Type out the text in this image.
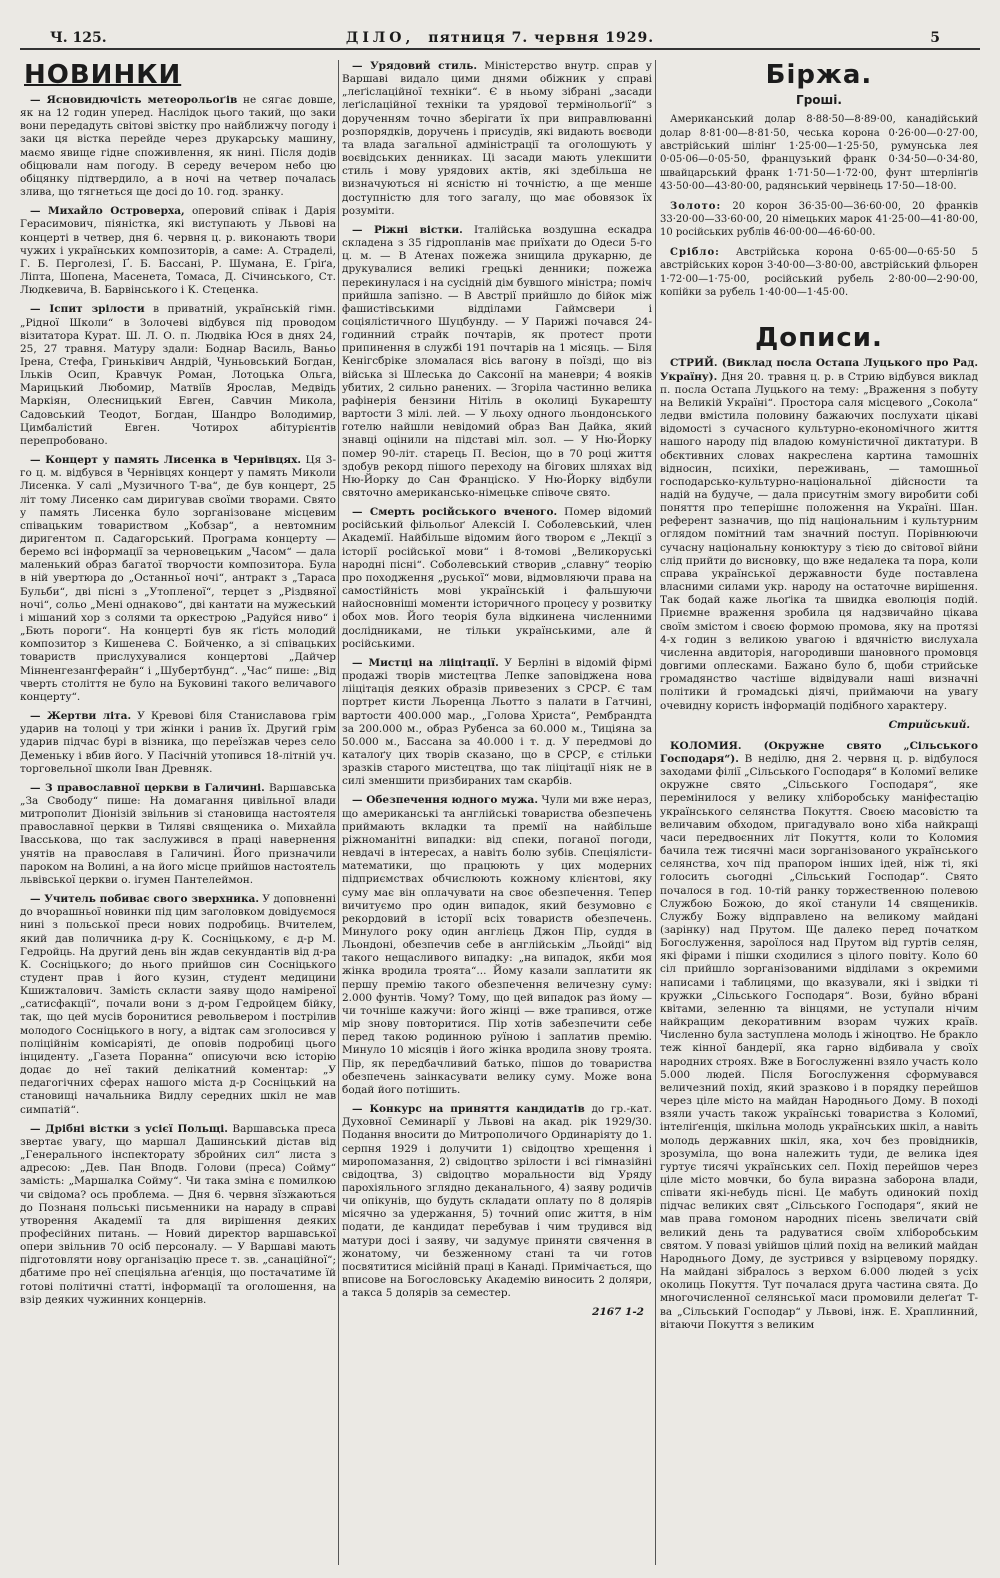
Ч. 125.	ДІЛО, пятниця 7. червня 1929.	5
НОВИНКИ

— Ясновидючість метеорольоґів не сягає довше, як на 12 годин уперед. Наслідок цього такий, що заки вони передадуть світові звістку про найближчу погоду і заки ця вістка перейде через друкарську машину, маємо явище гідне споживлення, як нині. Після додів обіцювали нам погоду. В середу вечером небо цю обіцянку підтвердило, а в ночі на четвер почалась злива, що тягнеться ще досі до 10. год. зранку.

— Михайло Островерха, оперовий співак і Дарія Герасимович, піяністка, які виступають у Львові на концерті в четвер, дня 6. червня ц. р. виконають твори чужих і українських композиторів, а саме: А. Страделі, Г. Б. Перголезі, Ґ. Б. Бассані, Р. Шумана, Е. Ґріґа, Ліпта, Шопена, Масенета, Томаса, Д. Січинського, Ст. Людкевича, В. Барвінського і К. Стеценка.

— Іспит зрілости в приватній, українській гімн. „Рідної Школи“ в Золочеві відбувся під проводом візитатора Курат. Ш. Л. О. п. Людвіка Юся в днях 24, 25, 27 травня. Матуру здали: Боднар Василь, Ваньо Ірена, Стефа, Гриньківич Андрій, Чуньовський Богдан, Ільків Осип, Кравчук Роман, Лотоцька Ольга, Марицький Любомир, Матвіїв Ярослав, Медвідь Маркіян, Олесницький Евген, Савчин Микола, Садовський Теодот, Богдан, Шандро Володимир, Цимбалістий Евген. Чотирох абітурієнтів перепробовано.

— Концерт у память Лисенка в Чернівцях. Ця 3-го ц. м. відбувся в Чернівцях концерт у память Миколи Лисенка. У салі „Музичного Т-ва“, де був концерт, 25 літ тому Лисенко сам диригував своїми творами. Свято у память Лисенка було зорганізоване місцевим співацьким товариством „Кобзар“, а невтомним диригентом п. Садагорський. Програма концерту — беремо всі інформації за черновецьким „Часом“ — дала маленький образ багатої творчости композитора. Була в ній увертюра до „Останньої ночі“, антракт з „Тараса Бульби“, дві пісні з „Утопленої“, терцет з „Різдвяної ночі“, сольо „Мені однаково“, дві кантати на мужеський і мішаний хор з солями та оркестрою „Радуйся ниво“ і „Бють пороги“. На концерті був як ґість молодий композитор з Кишенева С. Бойченко, а зі співацьких товариств прислухувалися концертові „Дайчер Мінненгезангферайн“ і „Шубертбунд“. „Час“ пише: „Від чверть століття не було на Буковині такого величавого концерту“.

— Жертви літа. У Кревові біля Станиславова грім ударив на толоці у три жінки і ранив їх. Другий грім ударив підчас бурі в візника, що переїзжав через село Деменьку і вбив його. У Пасічній утопився 18-літній уч. торговельної школи Іван Древняк.

— З православної церкви в Галичині. Варшавська „За Свободу“ пише: На домагання цивільної влади митрополит Діонізій звільнив зі становища настоятеля православної церкви в Тиляві священика о. Михайла Івасськова, що так заслужився в праці навернення унятів на православя в Галичині. Його призначили пароком на Волині, а на його місце прийшов настоятель львівської церкви о. ігумен Пантелеймон.

— Учитель побиває свого зверхника. У доповненні до вчорашньої новинки під цим заголовком довідуємося нині з польської преси нових подробиць. Вчителем, який дав поличника д-ру К. Сосніцькому, є д-р М. Гедройць. На другий день він ждав секундантів від д-ра К. Сосніцького; до нього прийшов син Сосніцького студент прав і його кузин, студент медицини Кшижталович. Замість скласти заяву щодо наміреної „сатисфакції“, почали вони з д-ром Гедройцем бійку, так, що цей мусів боронитися револьвером і пострілив молодого Сосніцького в ногу, а відтак сам зголосився у поліційнім комісаріяті, де оповів подробиці цього інциденту. „Газета Поранна“ описуючи всю історію додає до неї такий делікатний коментар: „У педагогічних сферах нашого міста д-р Сосніцький на становищі начальника Видлу середних шкіл не мав симпатій“.

— Дрібні вістки з усієї Польщі. Варшавська преса звертає увагу, що маршал Дашинський дістав від „Генерального інспекторату збройних сил“ листа з адресою: „Дев. Пан Вподв. Голови (преса) Сойму“ замість: „Маршалка Сойму“. Чи така зміна є помилкою чи свідома? ось проблема. — Дня 6. червня зїзжаються до Познаня польські письменники на нараду в справі утворення Академії та для вирішення деяких професійних питань. — Новий директор варшавської опери звільнив 70 осіб персоналу. — У Варшаві мають підготовляти нову організацію пресе т. зв. „санаційної“; дбатиме про неї спеціяльна аґенція, що постачатиме їй готові політичні статті, інформації та оголошення, на взір деяких чужинних концернів.

— Урядовий стиль. Міністерство внутр. справ у Варшаві видало цими днями обіжник у справі „леґіслаційної техніки“. Є в ньому зібрані „засади леґіслаційної техніки та урядової термінольоґії“ з дорученням точно зберігати їх при виправлюванні розпорядків, доручень і присудів, які видають воєводи та влада загальної адміністрації та оголошують у воєвідських денниках. Ці засади мають улекшити стиль і мову урядових актів, які здебільша не визначуються ні ясністю ні точністю, а ще менше доступністю для того загалу, що має обовязок їх розуміти.

— Ріжні вістки. Італійська воздушна ескадра складена з 35 гідропланів має приїхати до Одеси 5-го ц. м. — В Атенах пожежа знищила друкарню, де друкувалися великі грецькі денники; пожежа перекинулася і на сусідній дім бувшого міністра; поміч прийшла запізно. — В Австрії прийшло до бійок між фашистівськими відділами Гаймсвери і соціялістичного Шуцбунду. — У Парижі почався 24-годинний страйк почтарів, як протест проти припинення в службі 191 почтарів на 1 місяць. — Біля Кенігсбріке зломалася вісь вагону в поїзді, що віз війська зі Шлеська до Саксонії на маневри; 4 вояків убитих, 2 сильно ранених. — Згоріла частинно велика рафінерія бензини Нітіль в околиці Букарешту вартости 3 мілі. лей. — У льоху одного льондонського готелю найшли невідомий образ Ван Дайка, який знавці оцінили на підставі міл. зол. — У Ню-Йорку помер 90-літ. старець П. Весіон, що в 70 році життя здобув рекорд пішого переходу на бігових шляхах від Ню-Йорку до Сан Франціско. У Ню-Йорку відбули святочно американсько-німецьке співоче свято.

— Смерть російського вченого. Помер відомий російський фільольоґ Алексій І. Соболевський, член Академії. Найбільше відомим його твором є „Лекції з історії російської мови“ і 8-томові „Великоруські народні пісні“. Соболевський створив „славну“ теорію про походження „руської“ мови, відмовляючи права на самостійність мові українській і фальшуючи найосновніші моменти історичного процесу у розвитку обох мов. Його теорія була відкинена численними дослідниками, не тільки українськими, але й російськими.

— Мистці на лііцітації. У Берліні в відомій фірмі продажі творів мистецтва Лепке заповіджена нова лііцітація деяких образів привезених з СРСР. Є там портрет кисти Льоренца Льотто з палати в Гатчині, вартости 400.000 мар., „Голова Христа“, Рембрандта за 200.000 м., образ Рубенса за 60.000 м., Тиціяна за 50.000 м., Бассана за 40.000 і т. д. У передмові до каталоґу цих творів сказано, що в СРСР, є стільки зразків старого мистецтва, що так лііцітації ніяк не в силі зменшити призбираних там скарбів.

— Обезпечення юдного мужа. Чули ми вже нераз, що американські та англійські товариства обезпечень приймають вкладки та премії на найбільше ріжноманітні випадки: від спеки, поганої погоди, невдачі в інтересах, а навіть болю зубів. Спеціялісти-математики, що працюють у цих модерних підприємствах обчислюють кожному клієнтові, яку суму має він оплачувати на своє обезпечення. Тепер вичитуємо про один випадок, який безумовно є рекордовий в історії всіх товариств обезпечень. Минулого року один англієць Джон Пір, суддя в Льондоні, обезпечив себе в англійськім „Льойді“ від такого нещасливого випадку: „на випадок, якби моя жінка вродила троята“... Йому казали заплатити як першу премію такого обезпечення величезну суму: 2.000 фунтів. Чому? Тому, що цей випадок раз йому — чи точніше кажучи: його жінці — вже трапився, отже мір знову повторитися. Пір хотів забезпечити себе перед такою родинною руїною і заплатив премію. Минуло 10 місяців і його жінка вродила знову троята. Пір, як передбачливий батько, пішов до товариства обезпечень заінкасувати велику суму. Може вона бодай його потішить.

— Конкурс на приняття кандидатів до гр.-кат. Духовної Семинарії у Львові на акад. рік 1929/30. Подання вносити до Митрополичого Ординаріяту до 1. серпня 1929 і долучити 1) свідоцтво хрещення і миропомазання, 2) свідоцтво зрілости і всі гімназійні свідоцтва, 3) свідоцтво моральности від Уряду парохіяльного зглядно деканального, 4) заяву родичів чи опікунів, що будуть складати оплату по 8 долярів місячно за удержання, 5) точний опис життя, в нім подати, де кандидат перебував і чим трудився від матури досі і заяву, чи задумує приняти свячення в жонатому, чи безженному стані та чи готов посвятитися місійній праці в Канаді. Примічається, що вписове на Богословську Академію виносить 2 доляри, а такса 5 долярів за семестер.

2167 1-2
Біржа.
Гроші.

Американський долар 8·88·50—8·89·00, канадійський долар 8·81·00—8·81·50, чеська корона 0·26·00—0·27·00, австрійський шілінґ 1·25·00—1·25·50, румунська лея 0·05·06—0·05·50, французький франк 0·34·50—0·34·80, швайцарський франк 1·71·50—1·72·00, фунт штерлінґів 43·50·00—43·80·00, радянський червінець 17·50—18·00.

Золото: 20 корон 36·35·00—36·60·00, 20 франків 33·20·00—33·60·00, 20 німецьких марок 41·25·00—41·80·00, 10 російських рублів 46·00·00—46·60·00.

Срібло: Австрійська корона 0·65·00—0·65·50 5 австрійських корон 3·40·00—3·80·00, австрійський фльорен 1·72·00—1·75·00, російський рубель 2·80·00—2·90·00, копійки за рубель 1·40·00—1·45·00.

Дописи.

СТРИЙ. (Виклад посла Остапа Луцького про Рад. Україну). Дня 20. травня ц. р. в Стрию відбувся виклад п. посла Остапа Луцького на тему: „Враження з побуту на Великій Україні“. Простора саля місцевого „Сокола“ ледви вмістила половину бажаючих послухати цікаві відомості з сучасного культурно-економічного життя нашого народу під владою комуністичної диктатури. В обєктивних словах накреслена картина тамошніх відносин, психіки, переживань, — тамошньої господарсько-культурно-національної дійсности та надій на будуче, — дала присутнім змогу виробити собі поняття про теперішнє положення на Україні. Шан. референт зазначив, що під національним і культурним оглядом помітний там значний поступ. Порівнюючи сучасну національну конюктуру з тією до світової війни слід прийти до висновку, що вже недалека та пора, коли справа української державности буде поставлена власними силами укр. народу на остаточне вирішення. Так бодай каже льоґіка та швидка еволюція подій. Приємне враження зробила ця надзвичайно цікава своїм змістом і своєю формою промова, яку на протязі 4-х годин з великою увагою і вдячністю вислухала численна авдиторія, нагородивши шановного промовця довгими оплесками. Бажано було б, щоби стрийське громадянство частіше відвідували наші визначні політики й громадські діячі, приймаючи на увагу очевидну користь інформацій подібного характеру.

Стрийський.

КОЛОМИЯ. (Окружне свято „Сільського Господаря“). В неділю, дня 2. червня ц. р. відбулося заходами філії „Сільського Господаря“ в Коломиї велике окружне свято „Сільського Господаря“, яке перемінилося у велику хліборобську маніфестацію українського селянства Покуття. Своєю масовістю та величавим обходом, пригадувало воно хіба найкращі часи передвоєнних літ Покуття, коли то Коломия бачила теж тисячні маси зорганізованого українського селянства, хоч під прапором інших ідей, ніж ті, які голосить сьогодні „Сільський Господар“. Свято почалося в год. 10-тій ранку торжественною полевою Службою Божою, до якої станули 14 священиків. Службу Божу відправлено на великому майдані (зарінку) над Прутом. Ще далеко перед початком Богослуження, зароїлося над Прутом від гуртів селян, які фірами і пішки сходилися з цілого повіту. Коло 60 сіл прийшло зорганізованими відділами з окремими написами і таблицями, що вказували, які і звідки ті кружки „Сільського Господаря“. Вози, буйно вбрані квітами, зеленню та вінцями, не уступали нічим найкращим декоративним взорам чужих країв. Численно була заступлена молодь і жіноцтво. Не бракло теж кінної бандерії, яка гарно відбивала у своїх народних строях. Вже в Богослуженні взяло участь коло 5.000 людей. Після Богослуження сформувався величезний похід, який зразково і в порядку перейшов через ціле місто на майдан Народнього Дому. В поході взяли участь також українські товариства з Коломиї, інтеліґенція, шкільна молодь українських шкіл, а навіть молодь державних шкіл, яка, хоч без провідників, зрозуміла, що вона належить туди, де велика ідея гуртує тисячі українських сел. Похід перейшов через ціле місто мовчки, бо була виразна заборона влади, співати які-небудь пісні. Це мабуть одинокий похід підчас великих свят „Сільського Господаря“, який не мав права гомоном народних пісень звеличати свій великий день та радуватися своїм хліборобським святом. У повазі увійшов цілий похід на великий майдан Народнього Дому, де зустрився у взірцевому порядку. На майдані зібралось з верхом 6.000 людей з усіх околиць Покуття. Тут почалася друга частина свята. До многочисленної селянської маси промовили делеґат Т-ва „Сільський Господар“ у Львові, інж. Е. Храплинний, вітаючи Покуття з великим
